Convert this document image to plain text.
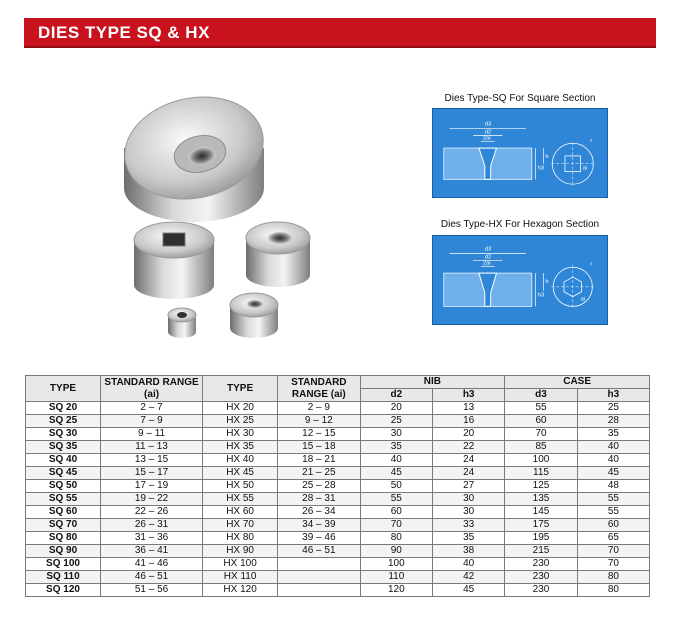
DIES TYPE SQ & HX
Dies Type-SQ For Square Section
d3
d2
2ai	r
h3
h
ai
Dies Type-HX For Hexagon Section
d3
d2
2ai	r
h3
h
ai
TYPE	STANDARD RANGE (ai)	TYPE	STANDARD RANGE (ai)	NIB		CASE	
				d2	h3	d3	h3
SQ 20	2 – 7	HX 20	2 – 9	20	13	55	25
SQ 25	7 – 9	HX 25	9 – 12	25	16	60	28
SQ 30	9 – 11	HX 30	12 – 15	30	20	70	35
SQ 35	11 – 13	HX 35	15 – 18	35	22	85	40
SQ 40	13 – 15	HX 40	18 – 21	40	24	100	40
SQ 45	15 – 17	HX 45	21 – 25	45	24	115	45
SQ 50	17 – 19	HX 50	25 – 28	50	27	125	48
SQ 55	19 – 22	HX 55	28 – 31	55	30	135	55
SQ 60	22 – 26	HX 60	26 – 34	60	30	145	55
SQ 70	26 – 31	HX 70	34 – 39	70	33	175	60
SQ 80	31 – 36	HX 80	39 – 46	80	35	195	65
SQ 90	36 – 41	HX 90	46 – 51	90	38	215	70
SQ 100	41 – 46	HX 100		100	40	230	70
SQ 110	46 – 51	HX 110		110	42	230	80
SQ 120	51 – 56	HX 120		120	45	230	80
